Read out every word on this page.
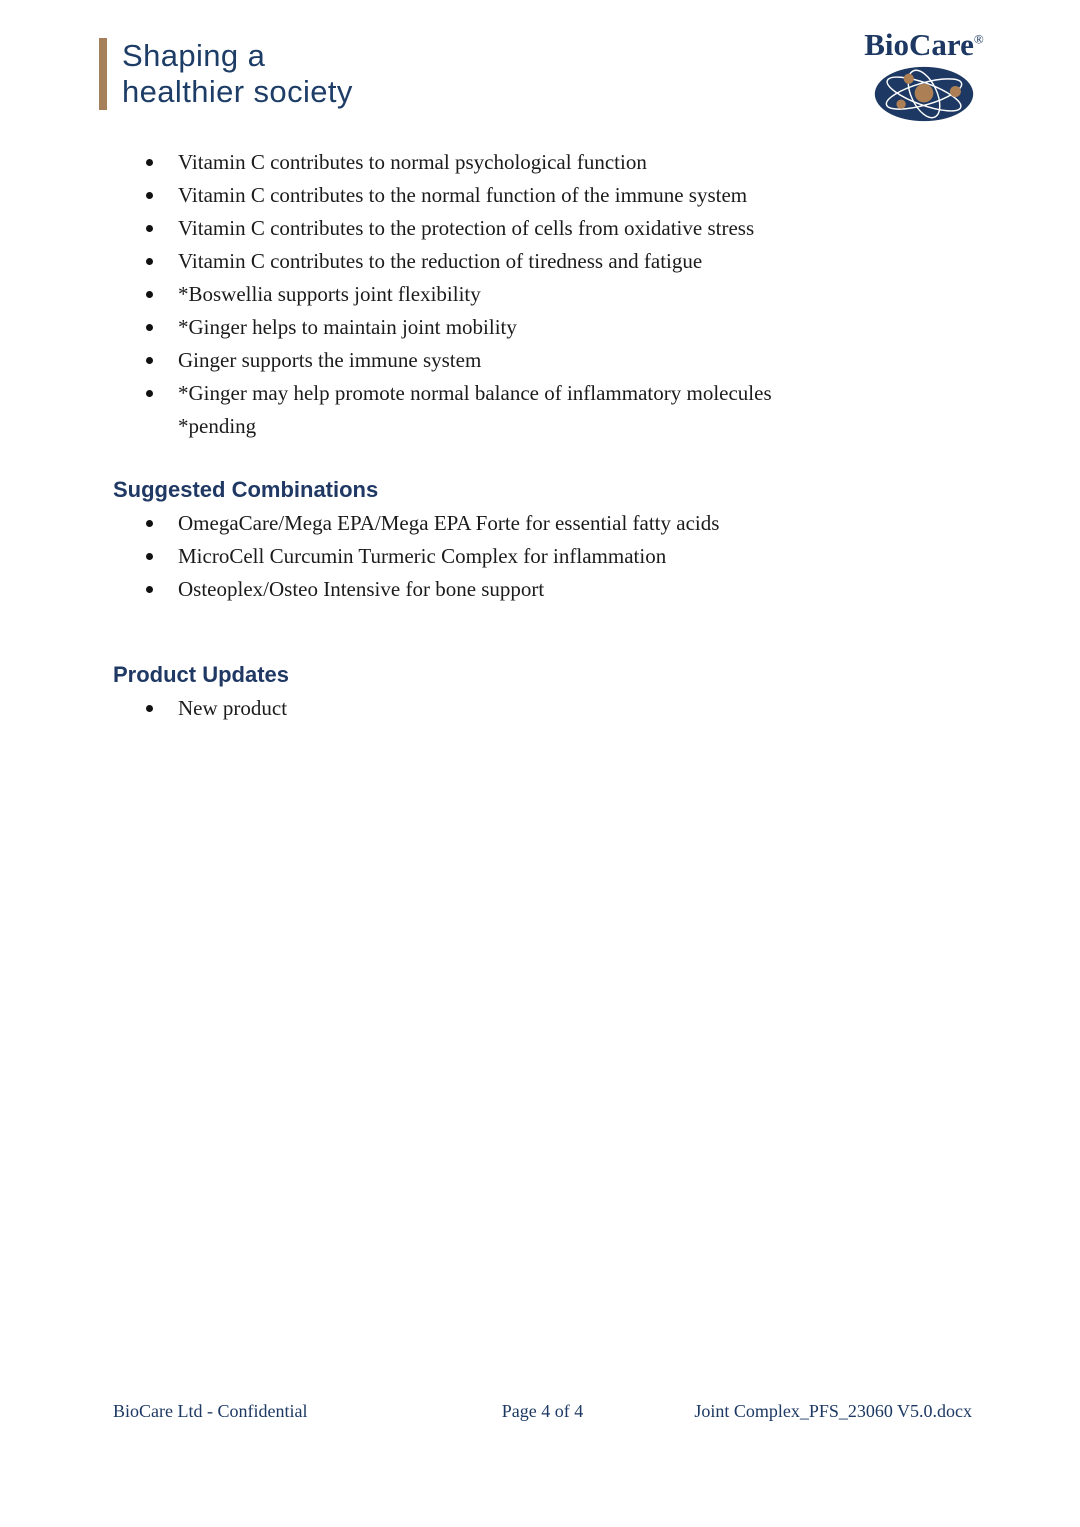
Shaping a
healthier society
BioCare®
Vitamin C contributes to normal psychological function
Vitamin C contributes to the normal function of the immune system
Vitamin C contributes to the protection of cells from oxidative stress
Vitamin C contributes to the reduction of tiredness and fatigue
*Boswellia supports joint flexibility
*Ginger helps to maintain joint mobility
Ginger supports the immune system
*Ginger may help promote normal balance of inflammatory molecules
*pending
Suggested Combinations
OmegaCare/Mega EPA/Mega EPA Forte for essential fatty acids
MicroCell Curcumin Turmeric Complex for inflammation
Osteoplex/Osteo Intensive for bone support
Product Updates
New product
BioCare Ltd - Confidential	Page 4 of 4	Joint Complex_PFS_23060 V5.0.docx
